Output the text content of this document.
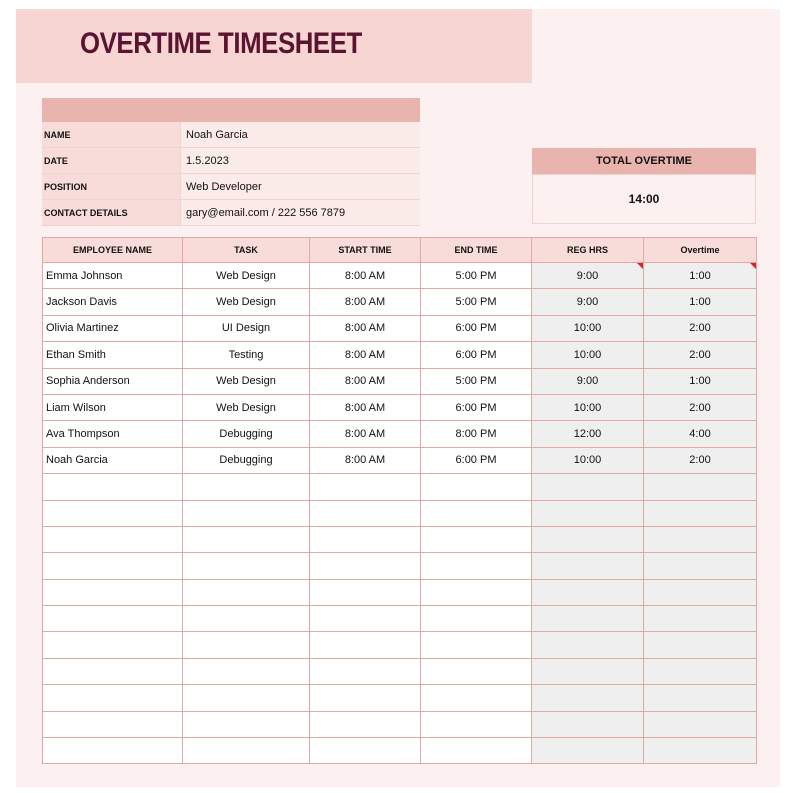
OVERTIME TIMESHEET
NAME	Noah Garcia
DATE	1.5.2023
POSITION	Web Developer
CONTACT DETAILS	gary@email.com / 222 556 7879
TOTAL OVERTIME
14:00
EMPLOYEE NAME	TASK	START TIME	END TIME	REG HRS	Overtime
Emma Johnson	Web Design	8:00 AM	5:00 PM	9:00	1:00

Jackson Davis	Web Design	8:00 AM	5:00 PM	9:00	1:00
Olivia Martinez	UI Design	8:00 AM	6:00 PM	10:00	2:00
Ethan Smith	Testing	8:00 AM	6:00 PM	10:00	2:00
Sophia Anderson	Web Design	8:00 AM	5:00 PM	9:00	1:00
Liam Wilson	Web Design	8:00 AM	6:00 PM	10:00	2:00
Ava Thompson	Debugging	8:00 AM	8:00 PM	12:00	4:00
Noah Garcia	Debugging	8:00 AM	6:00 PM	10:00	2:00
